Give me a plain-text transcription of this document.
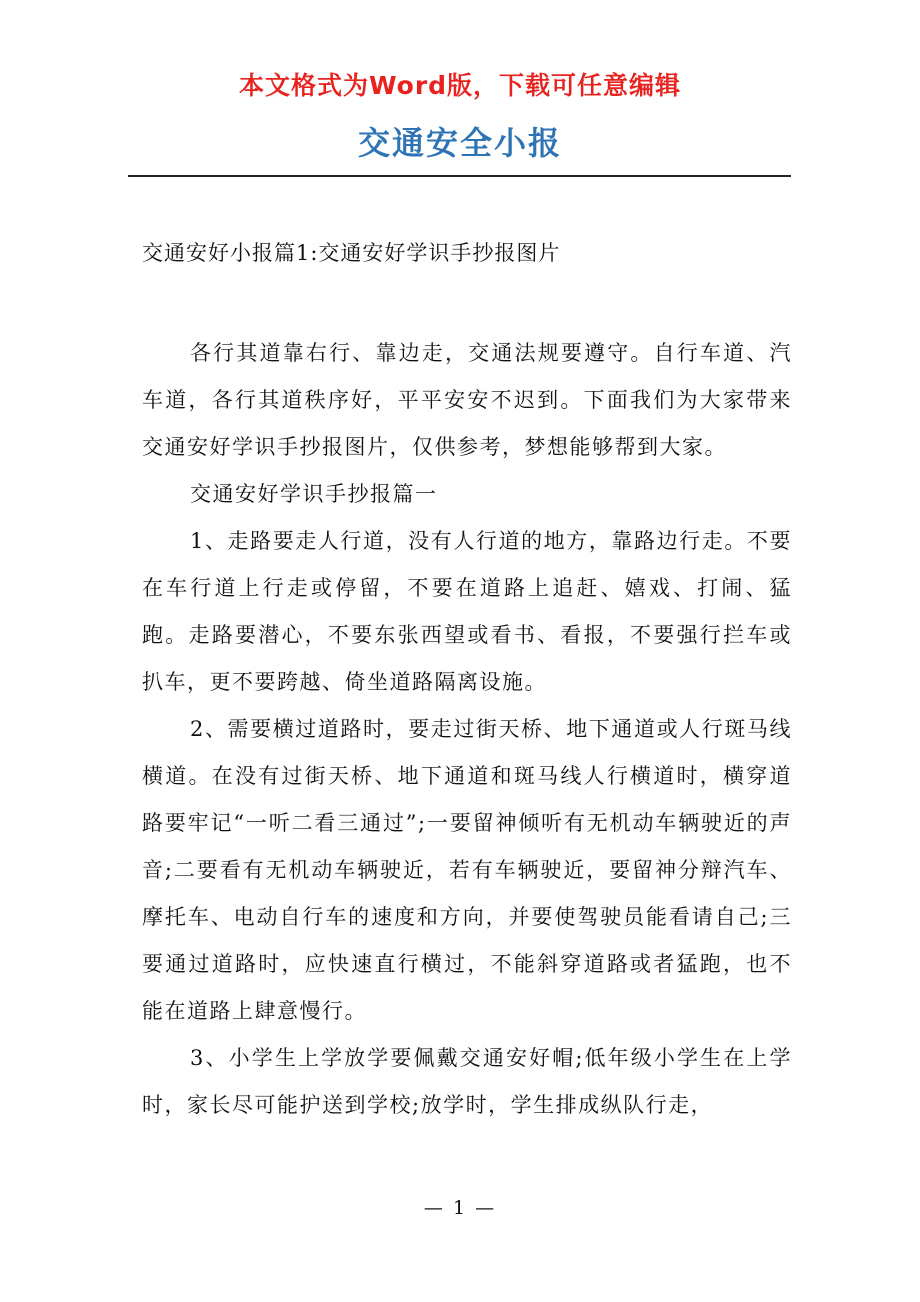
本文格式为Word版，下载可任意编辑
交通安全小报
交通安好小报篇1:交通安好学识手抄报图片

各行其道靠右行、靠边走，交通法规要遵守。自行车道、汽车道，各行其道秩序好，平平安安不迟到。下面我们为大家带来交通安好学识手抄报图片，仅供参考，梦想能够帮到大家。

交通安好学识手抄报篇一

1、走路要走人行道，没有人行道的地方，靠路边行走。不要在车行道上行走或停留，不要在道路上追赶、嬉戏、打闹、猛跑。走路要潜心，不要东张西望或看书、看报，不要强行拦车或扒车，更不要跨越、倚坐道路隔离设施。

2、需要横过道路时，要走过街天桥、地下通道或人行斑马线横道。在没有过街天桥、地下通道和斑马线人行横道时，横穿道路要牢记“一听二看三通过”;一要留神倾听有无机动车辆驶近的声音;二要看有无机动车辆驶近，若有车辆驶近，要留神分辩汽车、摩托车、电动自行车的速度和方向，并要使驾驶员能看请自己;三要通过道路时，应快速直行横过，不能斜穿道路或者猛跑，也不能在道路上肆意慢行。

3、小学生上学放学要佩戴交通安好帽;低年级小学生在上学时，家长尽可能护送到学校;放学时，学生排成纵队行走，

— 1 —
